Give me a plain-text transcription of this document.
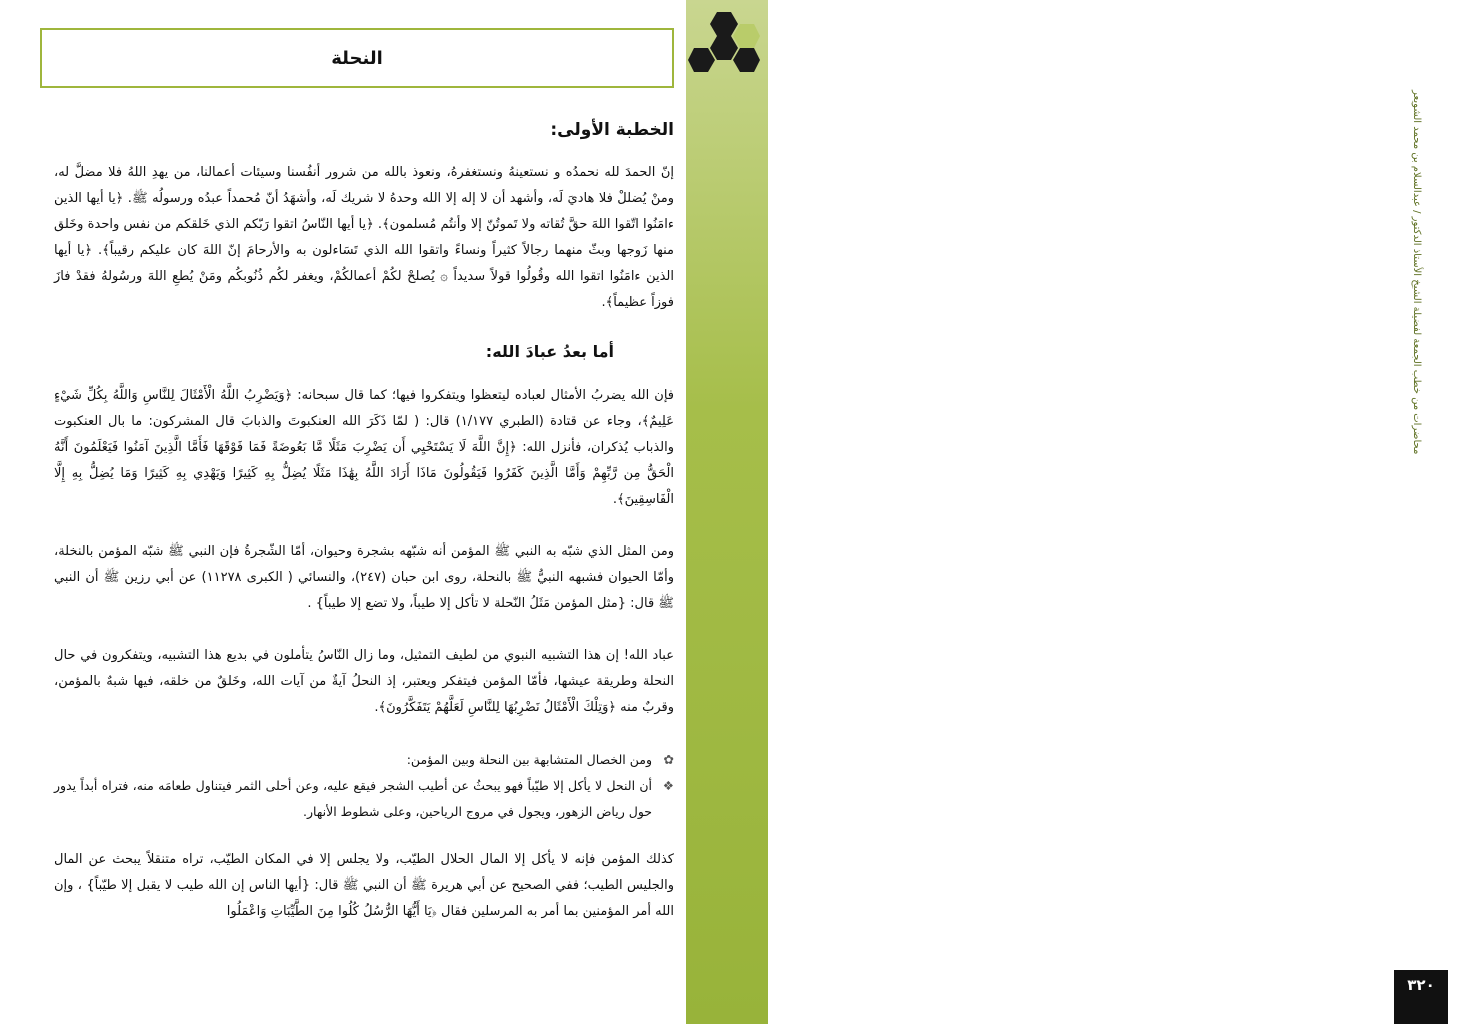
محاضرات من خطب الجمعة لفضيلة الشيخ الأستاذ الدكتور / عبدالسلام بن محمد الشويعر
خطبة جديدة
٣٢٠
النحلة
الخطبة الأولى:

إنّ الحمدَ لله نحمدُه و نستعينهُ ونستغفرهُ، ونعوذ بالله من شرور أنفُسنا وسيئات أعمالنا، من يهدِ اللهُ فلا مضلَّ له، ومنْ يُضللْ فلا هاديَ لَه، وأشهد أن لا إله إلا الله وحدهُ لا شريك لَه، وأشهَدُ أنّ مُحمداً عبدُه ورسولُه ﷺ. ﴿يا أيها الذين ءامَنُوا اتّقوا اللهَ حقَّ تُقاته ولا تَموتُنّ إلا وأنتُم مُسلمون﴾. ﴿يا أيها النّاسُ اتقوا رَبّكم الذي خَلقكم من نفس واحدة وخَلق منها زَوجها وبثّ منهما رجالاً كثيراً ونساءً واتقوا الله الذي تَسَاءلون به والأرحامَ إنّ اللهَ كان عليكم رقيباً﴾. ﴿يا أيها الذين ءامَنُوا اتقوا الله وقُولُوا قولاً سديداً ۞ يُصلحْ لكُمْ أعمالكُمْ، ويغفر لكُم ذُنُوبكُم ومَنْ يُطعِ اللهَ ورسُولهُ فقدْ فازَ فوزاً عظيماً﴾.

أما بعدُ عبادَ الله:

فإن الله يضربُ الأمثال لعباده ليتعظوا ويتفكروا فيها؛ كما قال سبحانه: ﴿وَيَضْرِبُ اللَّهُ الْأَمْثَالَ لِلنَّاسِ وَاللَّهُ بِكُلِّ شَيْءٍ عَلِيمٌ﴾، وجاء عن قتادة (الطبري ١/١٧٧) قال: ( لمّا ذَكَرَ الله العنكبوتَ والذبابَ قال المشركون: ما بال العنكبوت والذباب يُذكران، فأنزل الله: ﴿إِنَّ اللَّهَ لَا يَسْتَحْيِي أَن يَضْرِبَ مَثَلًا مَّا بَعُوضَةً فَمَا فَوْقَهَا فَأَمَّا الَّذِينَ آمَنُوا فَيَعْلَمُونَ أَنَّهُ الْحَقُّ مِن رَّبِّهِمْ وَأَمَّا الَّذِينَ كَفَرُوا فَيَقُولُونَ مَاذَا أَرَادَ اللَّهُ بِهَٰذَا مَثَلًا يُضِلُّ بِهِ كَثِيرًا وَيَهْدِي بِهِ كَثِيرًا وَمَا يُضِلُّ بِهِ إِلَّا الْفَاسِقِينَ﴾.

ومن المثل الذي شبّه به النبي ﷺ المؤمن أنه شبّهه بشجرة وحيوان، أمّا الشّجرةُ فإن النبي ﷺ شبّه المؤمن بالنخلة، وأمّا الحيوان فشبهه النبيُّ ﷺ بالنحلة، روى ابن حبان (٢٤٧)، والنسائي ( الكبرى ١١٢٧٨) عن أبي رزين ﷺ أن النبي ﷺ قال: {مثل المؤمن مَثَلُ النّحلة لا تأكل إلا طيباً، ولا تضع إلا طيباً} .

عباد الله! إن هذا التشبيه النبوي من لطيف التمثيل، وما زال النّاسُ يتأملون في بديع هذا التشبيه، ويتفكرون في حال النحلة وطريقة عيشها، فأمّا المؤمن فيتفكر ويعتبر، إذ النحلُ آيةٌ من آيات الله، وخَلقٌ من خلقه، فيها شبهٌ بالمؤمن، وقربٌ منه ﴿وَتِلْكَ الْأَمْثَالُ نَضْرِبُهَا لِلنَّاسِ لَعَلَّهُمْ يَتَفَكَّرُونَ﴾.

✿
ومن الخصال المتشابهة بين النحلة وبين المؤمن:
❖
أن النحل لا يأكل إلا طيّباً فهو يبحثُ عن أطيب الشجر فيقع عليه، وعن أحلى الثمر فيتناول طعامَه منه، فتراه أبداً يدور حول رياض الزهور، ويجول في مروج الرياحين، وعلى شطوط الأنهار.

كذلك المؤمن فإنه لا يأكل إلا المال الحلال الطيّب، ولا يجلس إلا في المكان الطيّب، تراه متنقلاً يبحث عن المال والجليس الطيب؛ ففي الصحيح عن أبي هريرة ﷺ أن النبي ﷺ قال: {أيها الناس إن الله طيب لا يقبل إلا طيّباً} ، وإن الله أمر المؤمنين بما أمر به المرسلين فقال ﴿يَا أَيُّهَا الرُّسُلُ كُلُوا مِنَ الطَّيِّبَاتِ وَاعْمَلُوا
